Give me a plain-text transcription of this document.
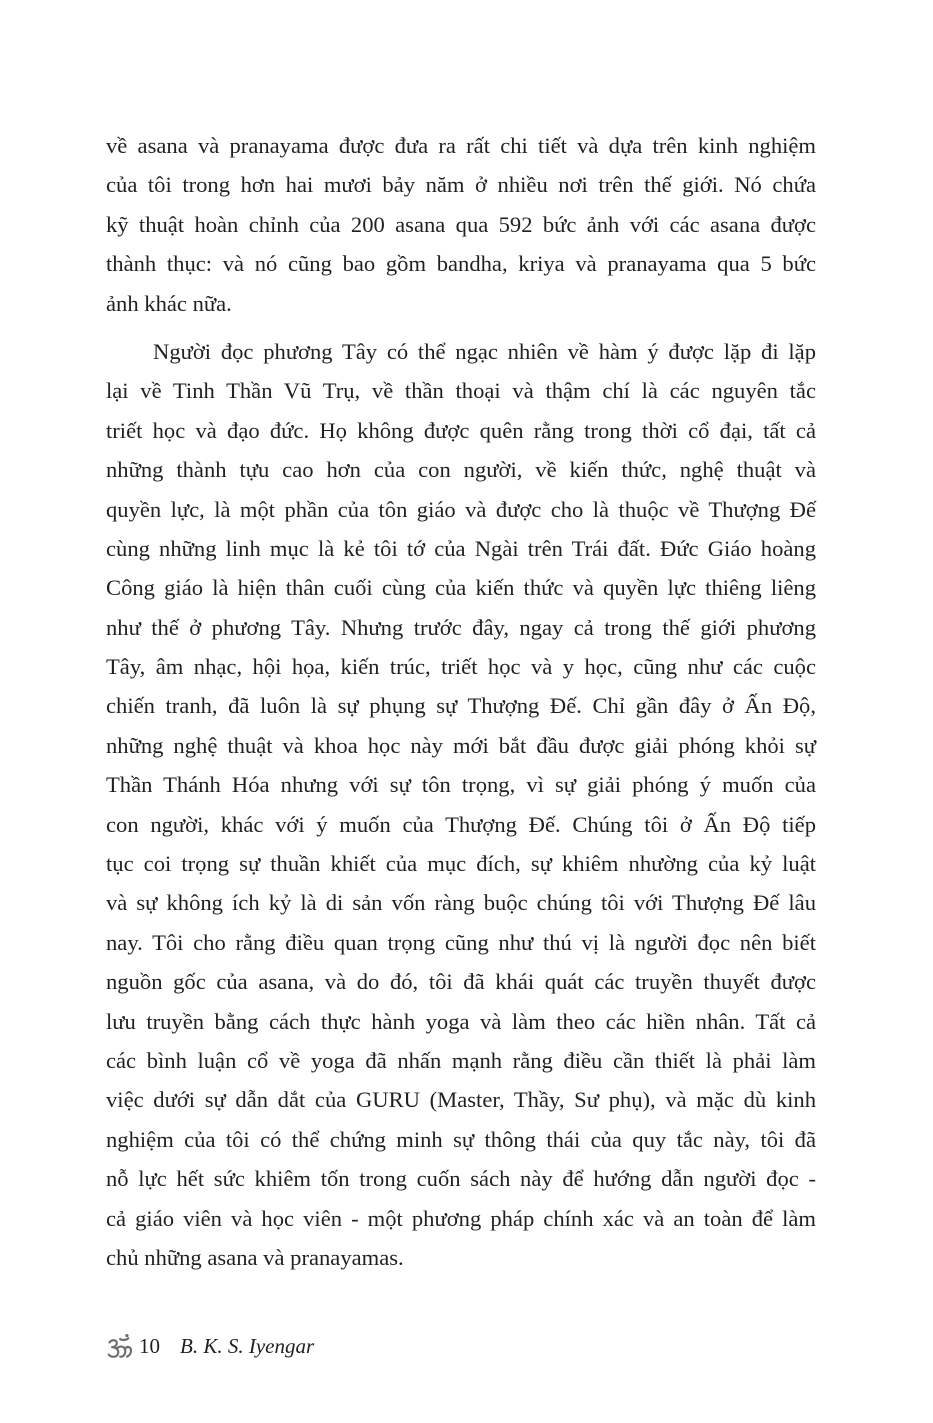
về asana và pranayama được đưa ra rất chi tiết và dựa trên kinh nghiệm
của tôi trong hơn hai mươi bảy năm ở nhiều nơi trên thế giới. Nó chứa
kỹ thuật hoàn chỉnh của 200 asana qua 592 bức ảnh với các asana được
thành thục: và nó cũng bao gồm bandha, kriya và pranayama qua 5 bức
ảnh khác nữa.
Người đọc phương Tây có thể ngạc nhiên về hàm ý được lặp đi lặp
lại về Tinh Thần Vũ Trụ, về thần thoại và thậm chí là các nguyên tắc
triết học và đạo đức. Họ không được quên rằng trong thời cổ đại, tất cả
những thành tựu cao hơn của con người, về kiến thức, nghệ thuật và
quyền lực, là một phần của tôn giáo và được cho là thuộc về Thượng Đế
cùng những linh mục là kẻ tôi tớ của Ngài trên Trái đất. Đức Giáo hoàng
Công giáo là hiện thân cuối cùng của kiến thức và quyền lực thiêng liêng
như thế ở phương Tây. Nhưng trước đây, ngay cả trong thế giới phương
Tây, âm nhạc, hội họa, kiến trúc, triết học và y học, cũng như các cuộc
chiến tranh, đã luôn là sự phụng sự Thượng Đế. Chỉ gần đây ở Ấn Độ,
những nghệ thuật và khoa học này mới bắt đầu được giải phóng khỏi sự
Thần Thánh Hóa nhưng với sự tôn trọng, vì sự giải phóng ý muốn của
con người, khác với ý muốn của Thượng Đế. Chúng tôi ở Ấn Độ tiếp
tục coi trọng sự thuần khiết của mục đích, sự khiêm nhường của kỷ luật
và sự không ích kỷ là di sản vốn ràng buộc chúng tôi với Thượng Đế lâu
nay. Tôi cho rằng điều quan trọng cũng như thú vị là người đọc nên biết
nguồn gốc của asana, và do đó, tôi đã khái quát các truyền thuyết được
lưu truyền bằng cách thực hành yoga và làm theo các hiền nhân. Tất cả
các bình luận cổ về yoga đã nhấn mạnh rằng điều cần thiết là phải làm
việc dưới sự dẫn dắt của GURU (Master, Thầy, Sư phụ), và mặc dù kinh
nghiệm của tôi có thể chứng minh sự thông thái của quy tắc này, tôi đã
nỗ lực hết sức khiêm tốn trong cuốn sách này để hướng dẫn người đọc -
cả giáo viên và học viên - một phương pháp chính xác và an toàn để làm
chủ những asana và pranayamas.
10 B. K. S. Iyengar
